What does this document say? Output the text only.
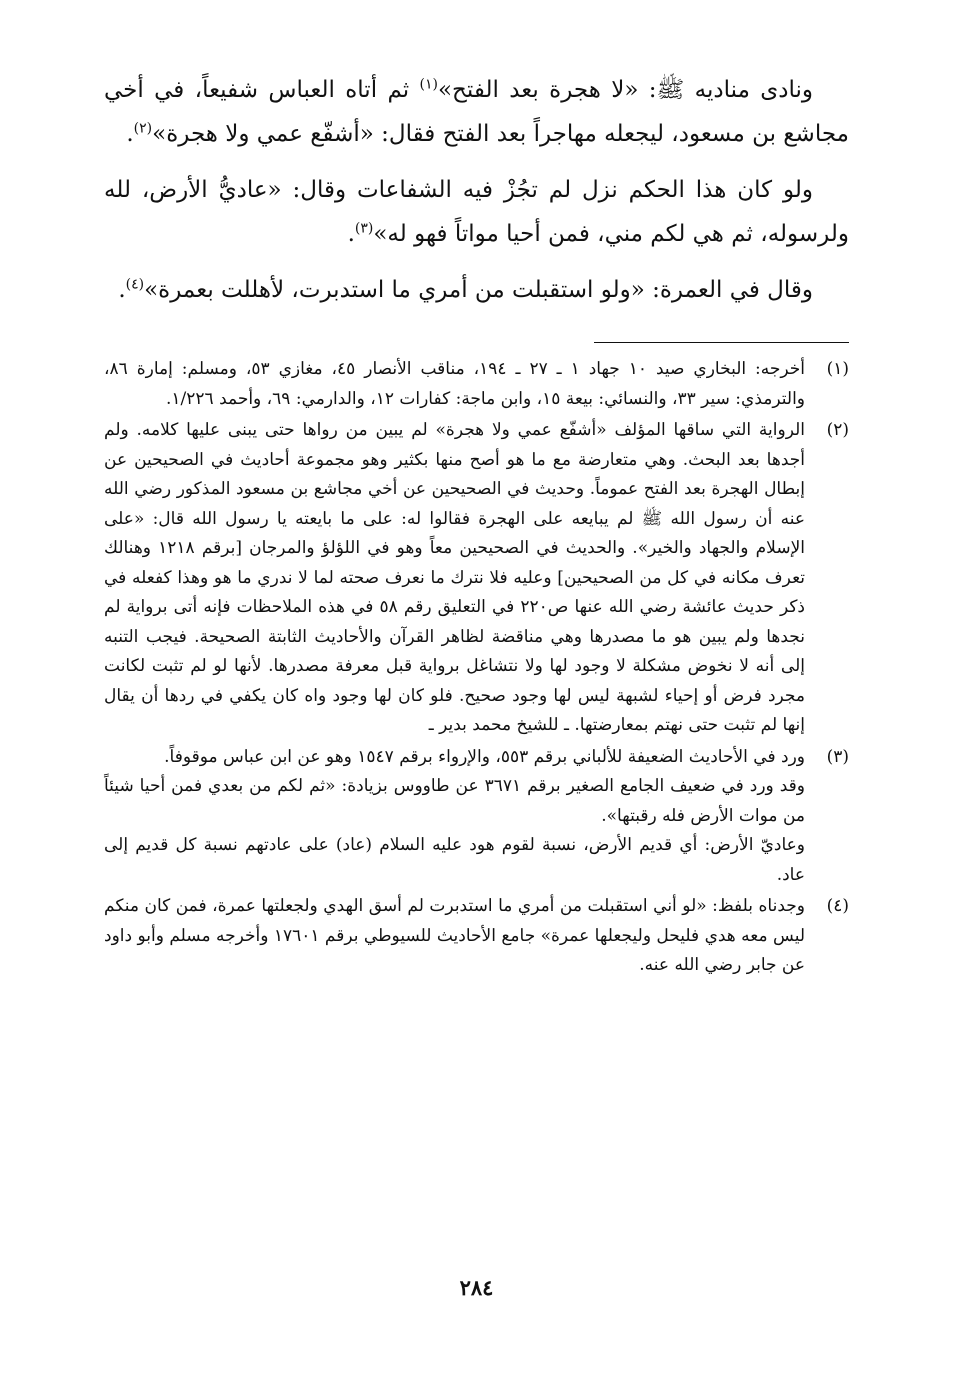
ونادى مناديه ﷺ: «لا هجرة بعد الفتح»$^{(١)}$ ثم أتاه العباس شفيعاً، في أخي مجاشع بن مسعود، ليجعله مهاجراً بعد الفتح فقال: «أشفّع عمي ولا هجرة»$^{(٢)}$.

ولو كان هذا الحكم نزل لم تجُزْ فيه الشفاعات وقال: «عاديُّ الأرض، لله ولرسوله، ثم هي لكم مني، فمن أحيا مواتاً فهو له»$^{(٣)}$.

وقال في العمرة: «ولو استقبلت من أمري ما استدبرت، لأهللت بعمرة»$^{(٤)}$.

(١)

أخرجه: البخاري صيد ١٠ جهاد ١ ـ ٢٧ ـ ١٩٤، مناقب الأنصار ٤٥، مغازي ٥٣، ومسلم: إمارة ٨٦، والترمذي: سير ٣٣، والنسائي: بيعة ١٥، وابن ماجة: كفارات ١٢، والدارمي: ٦٩، وأحمد ١/٢٢٦.

(٢)

الرواية التي ساقها المؤلف «أشفّع عمي ولا هجرة» لم يبين من رواها حتى يبنى عليها كلامه. ولم أجدها بعد البحث. وهي متعارضة مع ما هو أصح منها بكثير وهو مجموعة أحاديث في الصحيحين عن إبطال الهجرة بعد الفتح عموماً. وحديث في الصحيحين عن أخي مجاشع بن مسعود المذكور رضي الله عنه أن رسول الله ﷺ لم يبايعه على الهجرة فقالوا له: على ما بايعته يا رسول الله قال: «على الإسلام والجهاد والخير». والحديث في الصحيحين معاً وهو في اللؤلؤ والمرجان [برقم ١٢١٨ وهنالك تعرف مكانه في كل من الصحيحين] وعليه فلا نترك ما نعرف صحته لما لا ندري ما هو وهذا كفعله في ذكر حديث عائشة رضي الله عنها ص٢٢٠ في التعليق رقم ٥٨ في هذه الملاحظات فإنه أتى برواية لم نجدها ولم يبين هو ما مصدرها وهي مناقضة لظاهر القرآن والأحاديث الثابتة الصحيحة. فيجب التنبه إلى أنه لا نخوض مشكلة لا وجود لها ولا نتشاغل برواية قبل معرفة مصدرها. لأنها لو لم تثبت لكانت مجرد فرض أو إحياء لشبهة ليس لها وجود صحيح. فلو كان لها وجود واه كان يكفي في ردها أن يقال إنها لم تثبت حتى نهتم بمعارضتها. ـ للشيخ محمد بدير ـ

(٣)

ورد في الأحاديث الضعيفة للألباني برقم ٥٥٣، والإرواء برقم ١٥٤٧ وهو عن ابن عباس موقوفاً.

وقد ورد في ضعيف الجامع الصغير برقم ٣٦٧١ عن طاووس بزيادة: «ثم لكم من بعدي فمن أحيا شيئاً من موات الأرض فله رقبتها».

وعاديّ الأرض: أي قديم الأرض، نسبة لقوم هود عليه السلام (عاد) على عادتهم نسبة كل قديم إلى عاد.

(٤)

وجدناه بلفظ: «لو أني استقبلت من أمري ما استدبرت لم أسق الهدي ولجعلتها عمرة، فمن كان منكم ليس معه هدي فليحل وليجعلها عمرة» جامع الأحاديث للسيوطي برقم ١٧٦٠١ وأخرجه مسلم وأبو داود عن جابر رضي الله عنه.

٢٨٤
